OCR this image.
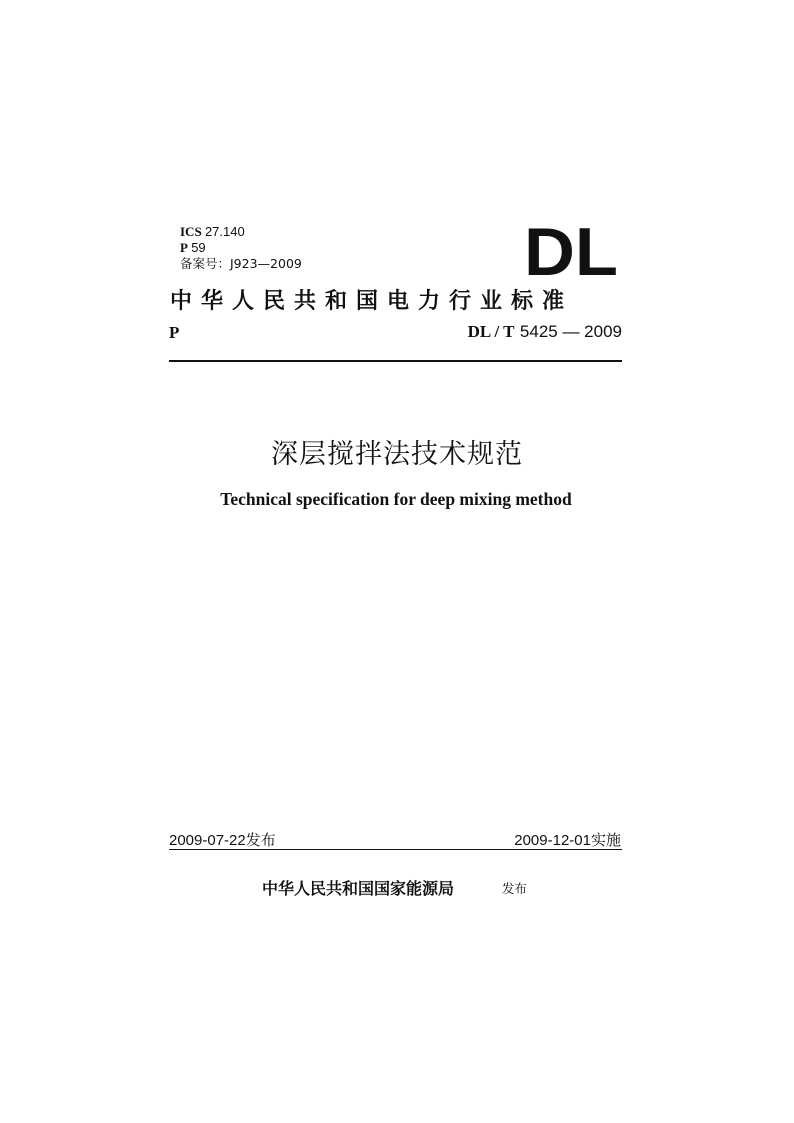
ICS 27.140
P 59
备案号：J923—2009	DL
中华人民共和国电力行业标准
P	DL / T 5425 — 2009
深层搅拌法技术规范
Technical specification for deep mixing method
2009-07-22发布	2009-12-01实施
中华人民共和国国家能源局	发布
